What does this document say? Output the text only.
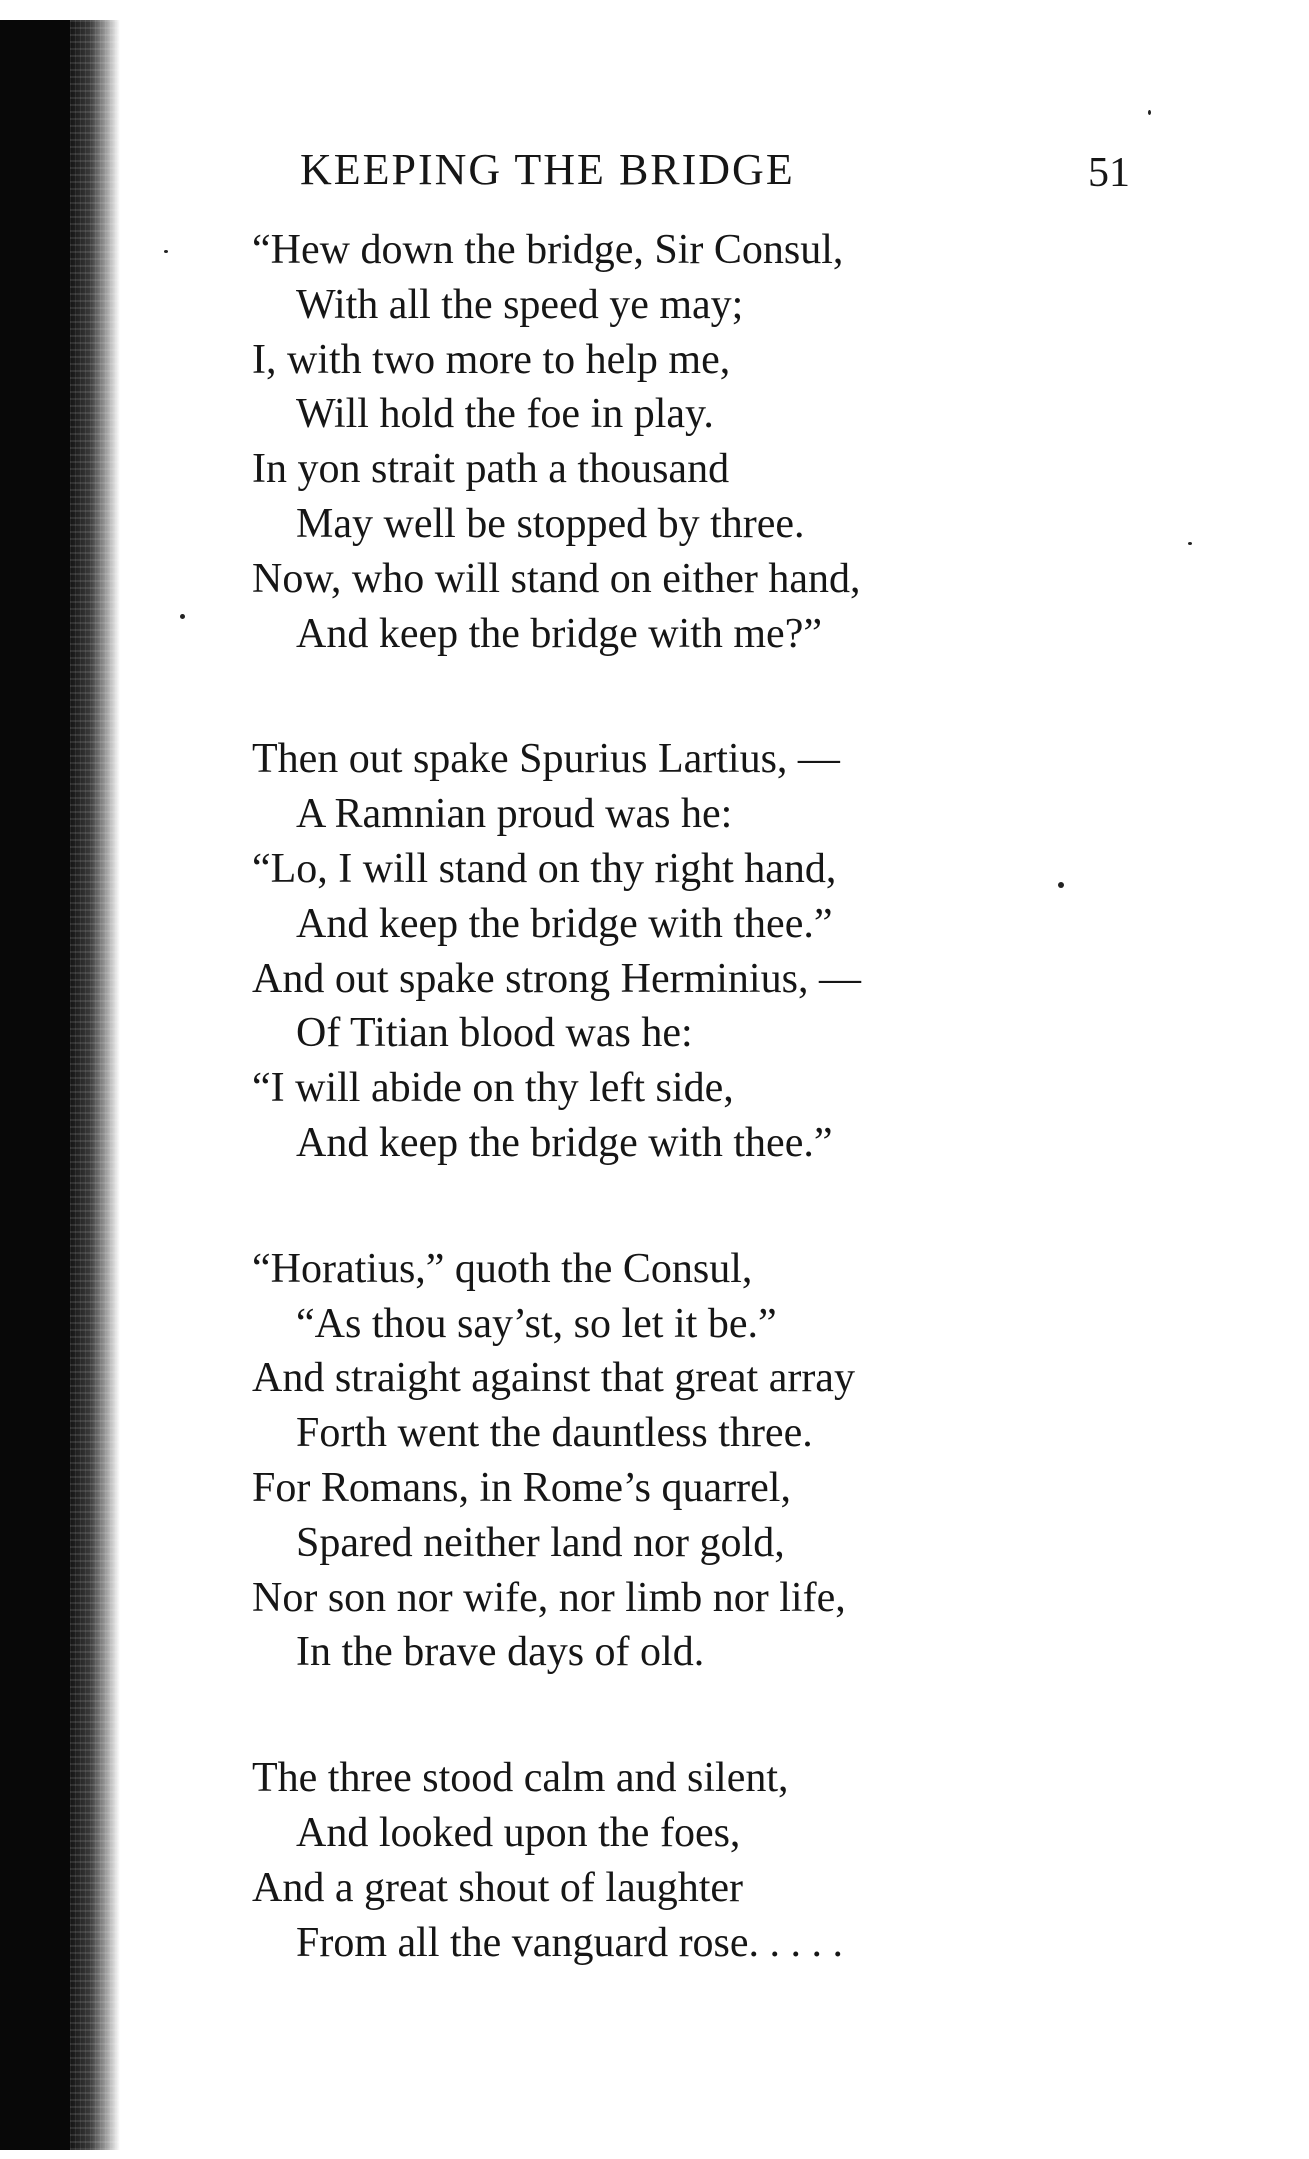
KEEPING THE BRIDGE	51
“Hew down the bridge, Sir Consul,
With all the speed ye may;
I, with two more to help me,
Will hold the foe in play.
In yon strait path a thousand
May well be stopped by three.
Now, who will stand on either hand,
And keep the bridge with me?”
Then out spake Spurius Lartius, —
A Ramnian proud was he:
“Lo, I will stand on thy right hand,
And keep the bridge with thee.”
And out spake strong Herminius, —
Of Titian blood was he:
“I will abide on thy left side,
And keep the bridge with thee.”
“Horatius,” quoth the Consul,
“As thou say’st, so let it be.”
And straight against that great array
Forth went the dauntless three.
For Romans, in Rome’s quarrel,
Spared neither land nor gold,
Nor son nor wife, nor limb nor life,
In the brave days of old.
The three stood calm and silent,
And looked upon the foes,
And a great shout of laughter
From all the vanguard rose. . . . .
